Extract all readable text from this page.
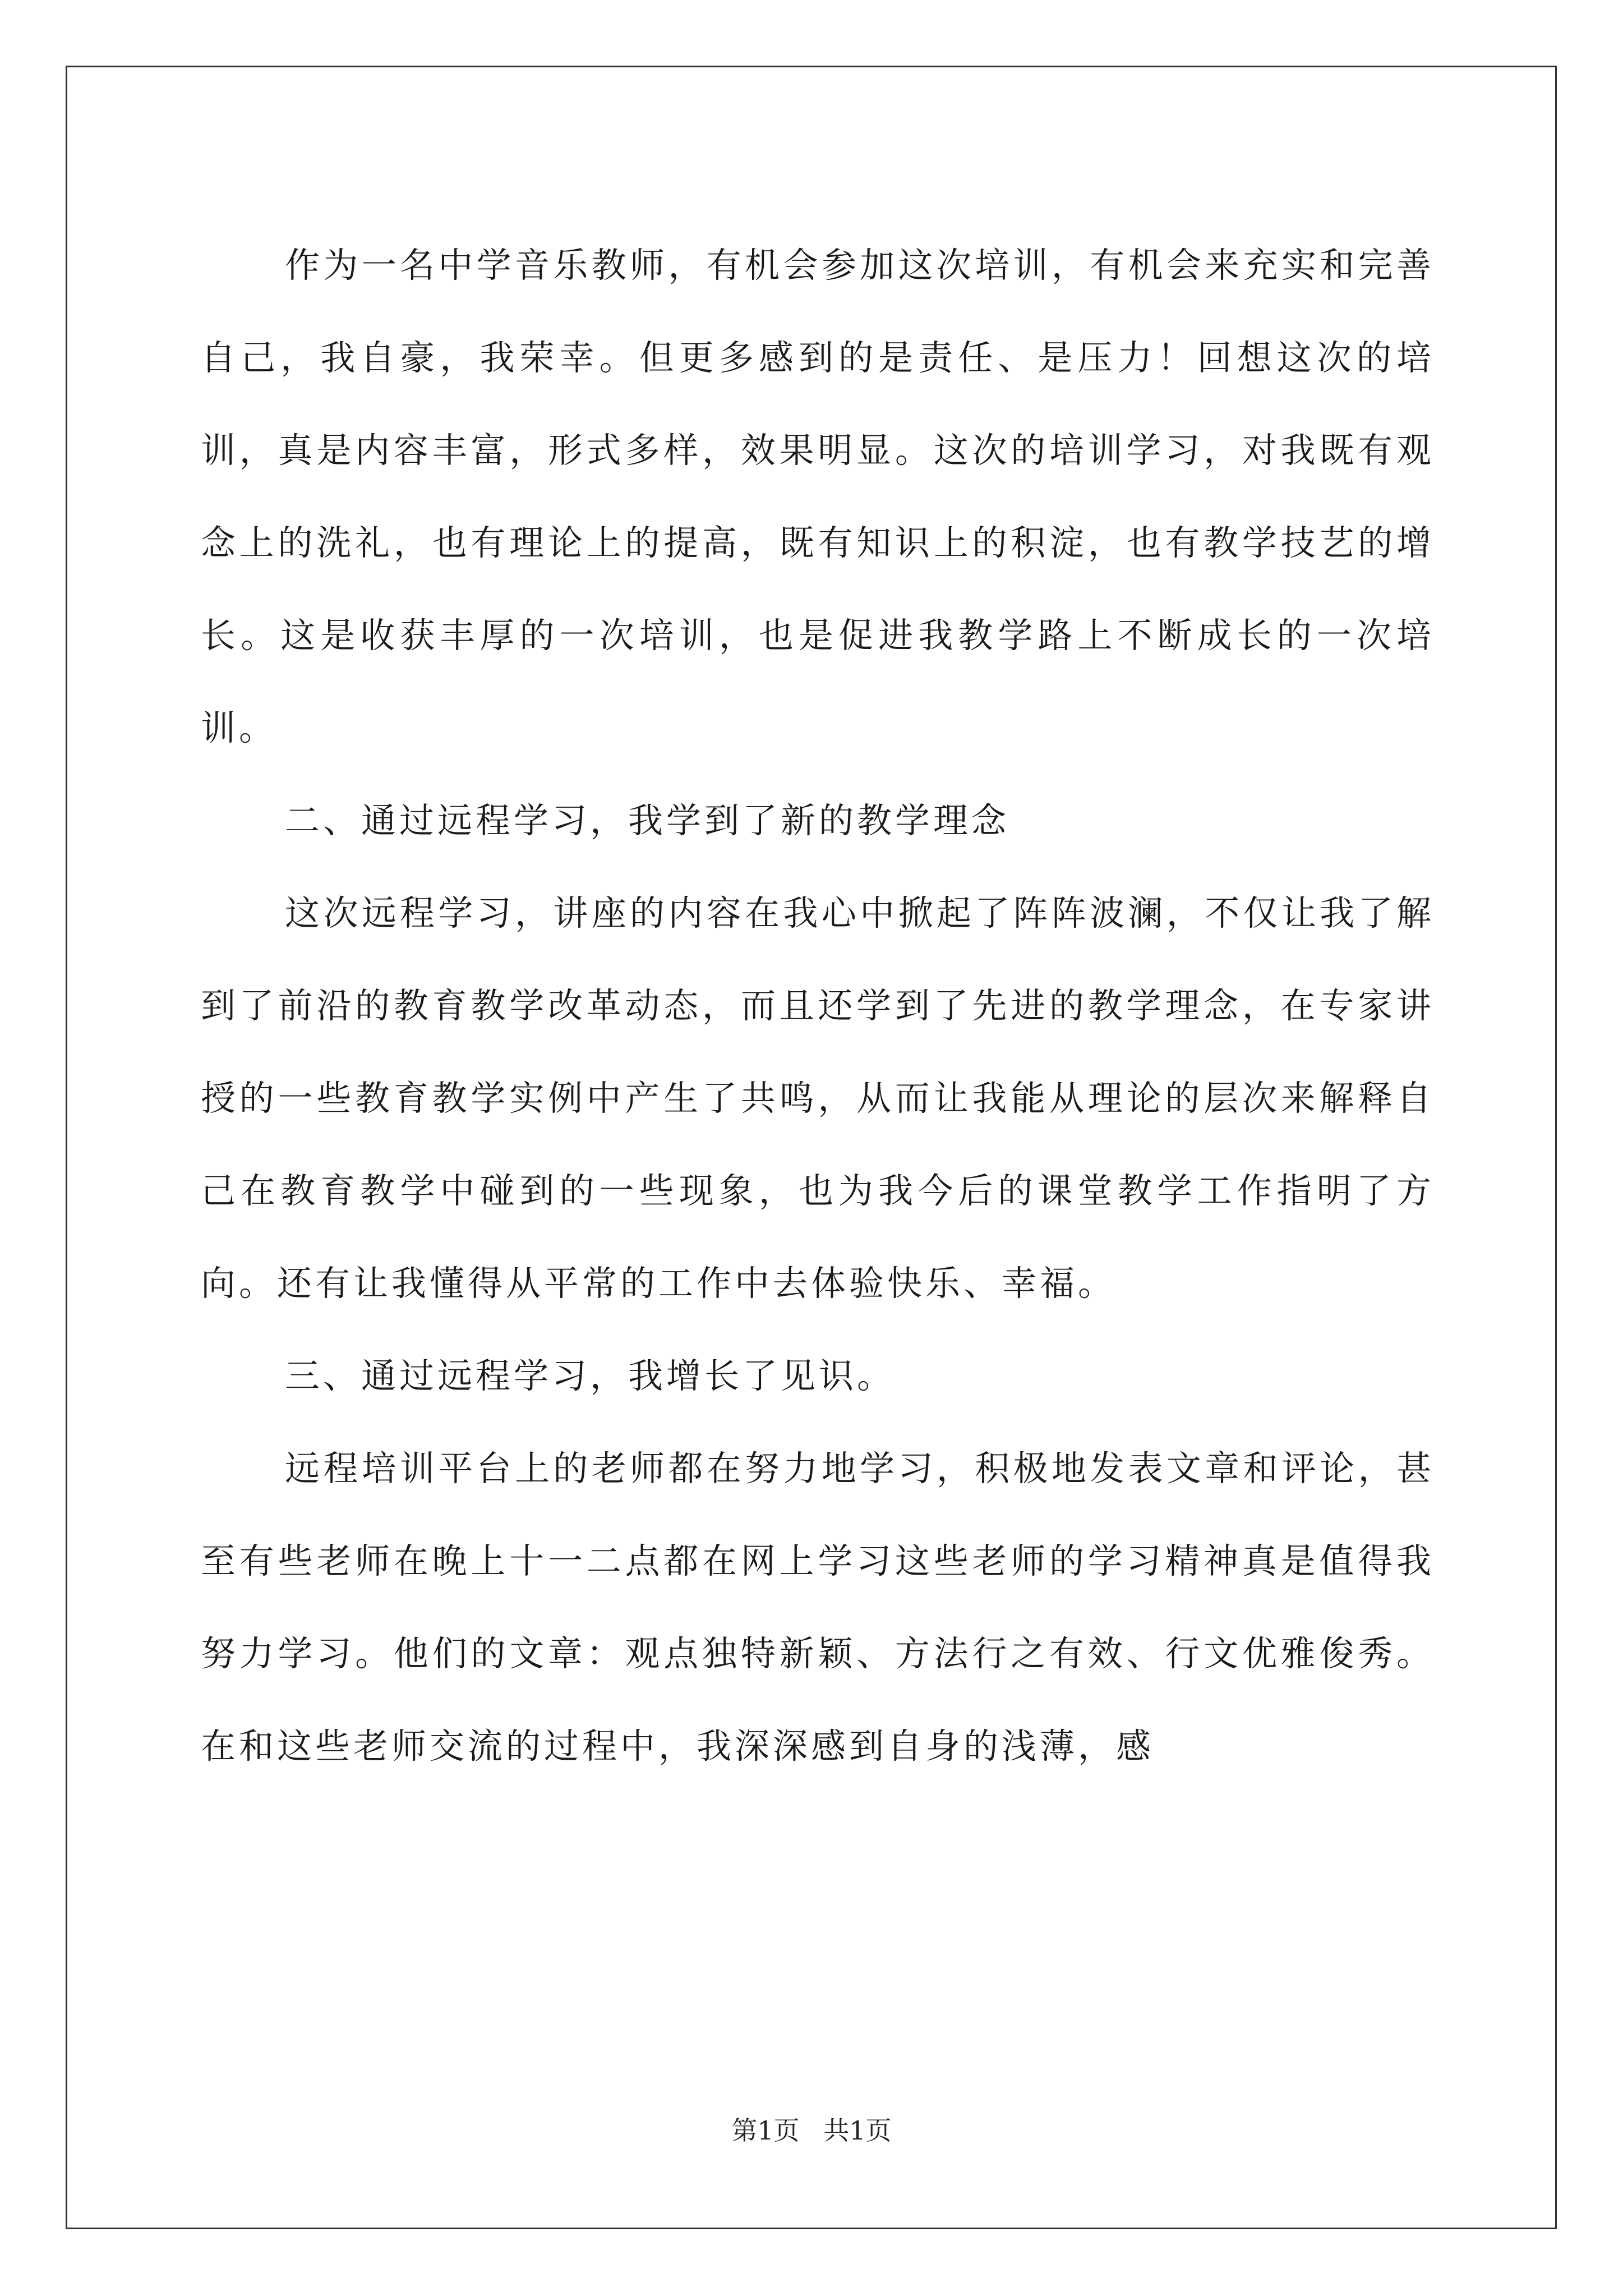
作为一名中学音乐教师，有机会参加这次培训，有机会来充实和完善自己，我自豪，我荣幸。但更多感到的是责任、是压力！回想这次的培训，真是内容丰富，形式多样，效果明显。这次的培训学习，对我既有观念上的洗礼，也有理论上的提高，既有知识上的积淀，也有教学技艺的增长。这是收获丰厚的一次培训，也是促进我教学路上不断成长的一次培训。

二、通过远程学习，我学到了新的教学理念

这次远程学习，讲座的内容在我心中掀起了阵阵波澜，不仅让我了解到了前沿的教育教学改革动态，而且还学到了先进的教学理念，在专家讲授的一些教育教学实例中产生了共鸣，从而让我能从理论的层次来解释自己在教育教学中碰到的一些现象，也为我今后的课堂教学工作指明了方向。还有让我懂得从平常的工作中去体验快乐、幸福。

三、通过远程学习，我增长了见识。

远程培训平台上的老师都在努力地学习，积极地发表文章和评论，甚至有些老师在晚上十一二点都在网上学习这些老师的学习精神真是值得我努力学习。他们的文章：观点独特新颖、方法行之有效、行文优雅俊秀。在和这些老师交流的过程中，我深深感到自身的浅薄，感

第1页 共1页
